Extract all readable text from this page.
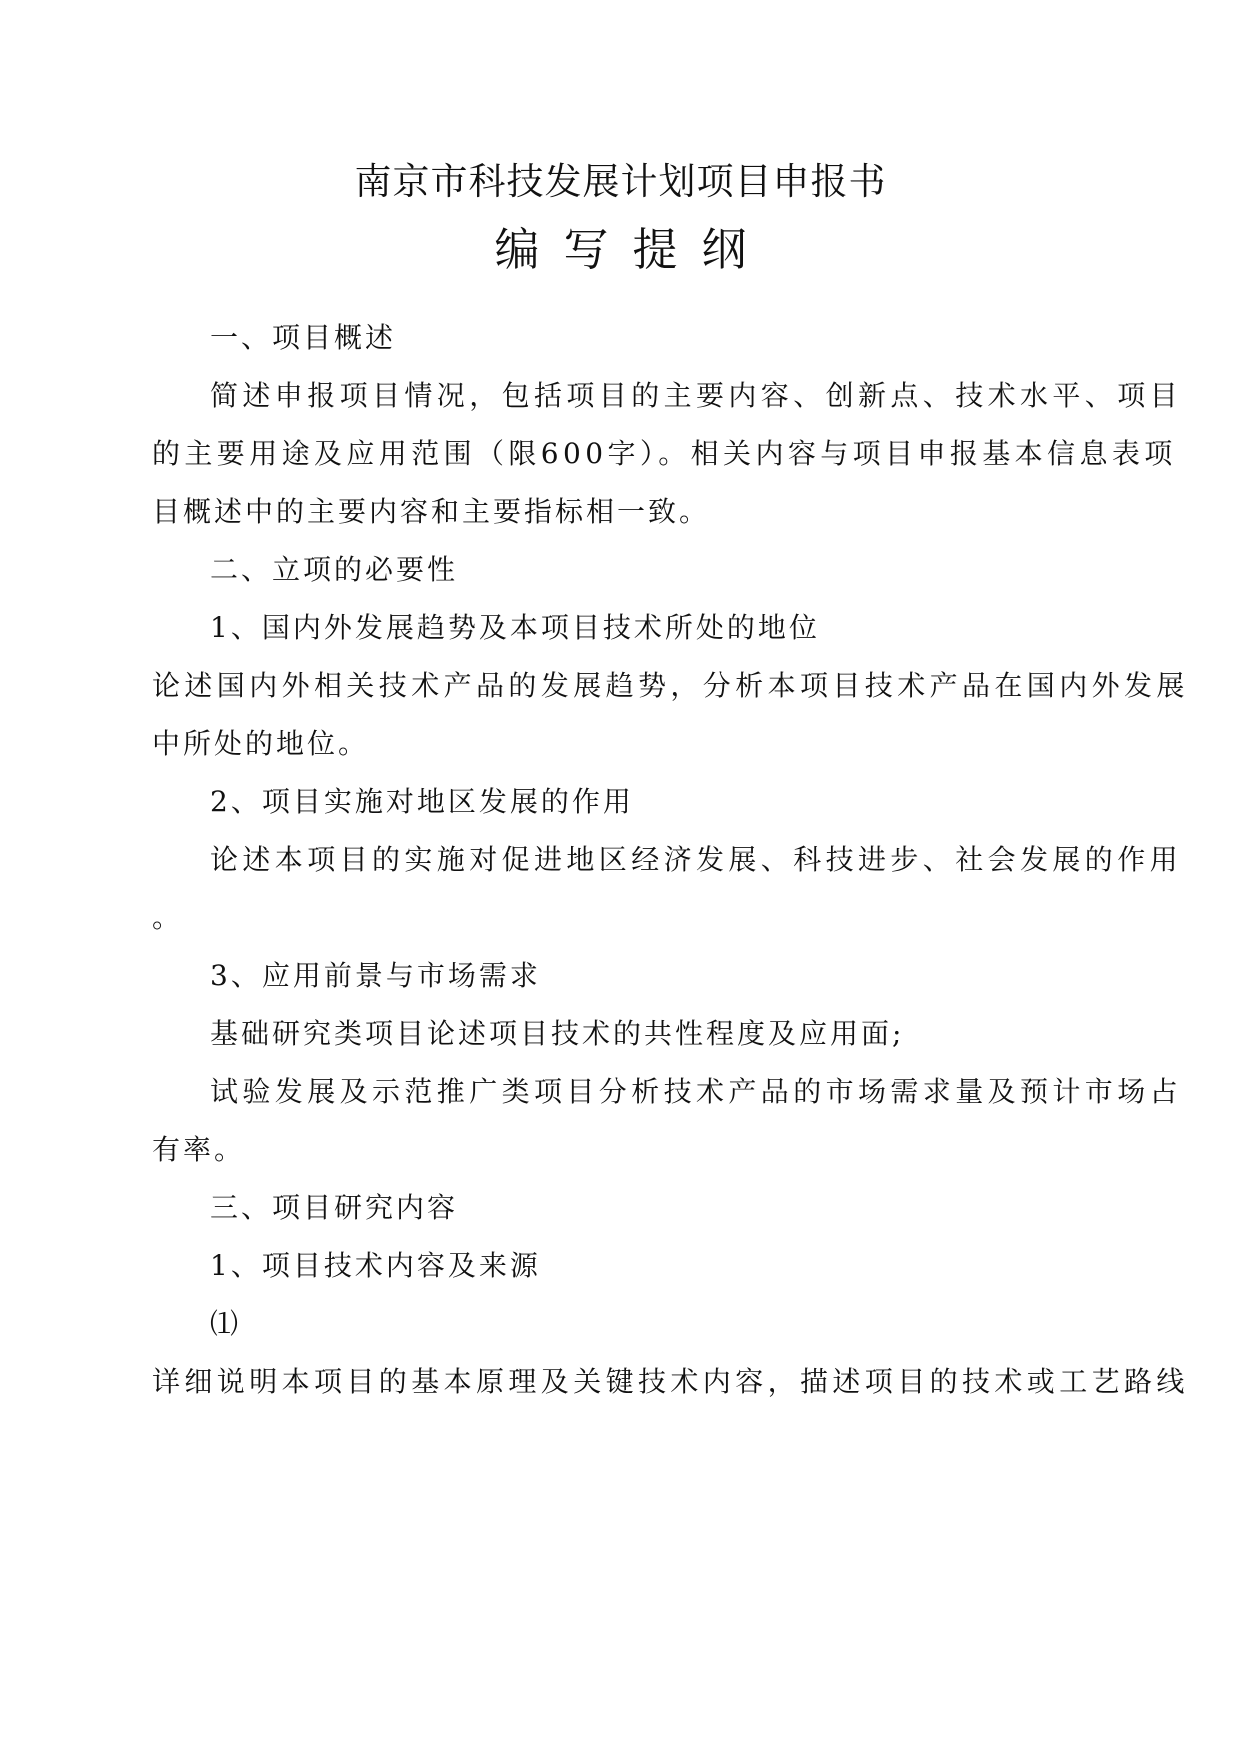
南京市科技发展计划项目申报书
编写提纲
一、项目概述
简述申报项目情况，包括项目的主要内容、创新点、技术水平、项目
的主要用途及应用范围（限600字）。相关内容与项目申报基本信息表项
目概述中的主要内容和主要指标相一致。
二、立项的必要性
1、国内外发展趋势及本项目技术所处的地位
论述国内外相关技术产品的发展趋势，分析本项目技术产品在国内外发展
中所处的地位。
2、项目实施对地区发展的作用
论述本项目的实施对促进地区经济发展、科技进步、社会发展的作用
。
3、应用前景与市场需求
基础研究类项目论述项目技术的共性程度及应用面;
试验发展及示范推广类项目分析技术产品的市场需求量及预计市场占
有率。
三、项目研究内容
1、项目技术内容及来源
⑴
详细说明本项目的基本原理及关键技术内容，描述项目的技术或工艺路线
